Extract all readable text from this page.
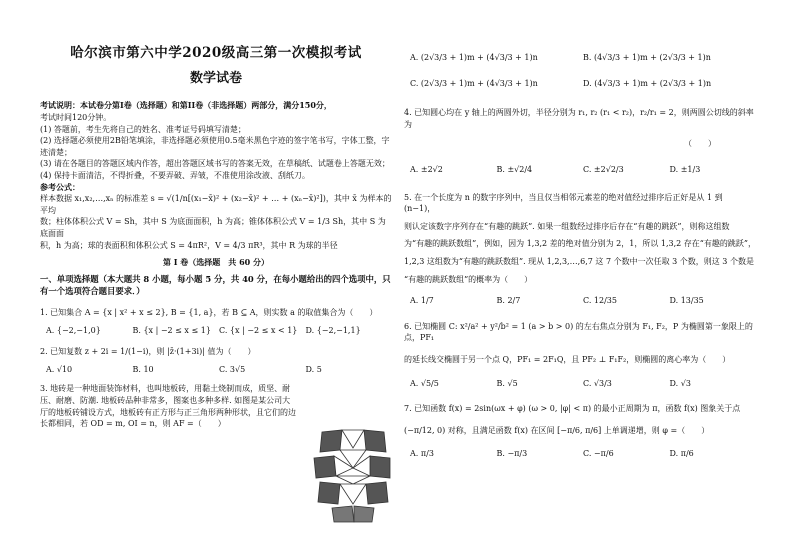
哈尔滨市第六中学2020级高三第一次模拟考试
数学试卷

考试说明：本试卷分第I卷（选择题）和第II卷（非选择题）两部分，满分150分，

考试时间120分钟。

(1) 答题前，考生先将自己的姓名、准考证号码填写清楚；

(2) 选择题必须使用2B铅笔填涂，非选择题必须使用0.5毫米黑色字迹的签字笔书写，字体工整，字迹清楚；

(3) 请在各题目的答题区域内作答，超出答题区域书写的答案无效，在草稿纸、试题卷上答题无效；

(4) 保持卡面清洁，不得折叠，不要弄破、弄皱，不准使用涂改液、刮纸刀。

参考公式：

样本数据 x₁,x₂,…,xₙ 的标准差 s = √(1/n[(x₁−x̄)² + (x₂−x̄)² + … + (xₙ−x̄)²])，其中 x̄ 为样本的平均

数；柱体体积公式 V = Sh，其中 S 为底面面积，h 为高；锥体体积公式 V = 1/3 Sh，其中 S 为底面面

积，h 为高；球的表面积和体积公式 S = 4πR²，V = 4/3 πR³，其中 R 为球的半径

第 I 卷（选择题　共 60 分）

一、单项选择题（本大题共 8 小题，每小题 5 分，共 40 分，在每小题给出的四个选项中，只有一个选项符合题目要求．）

1. 已知集合 A = {x | x² + x ≤ 2}, B = {1, a}，若 B ⊆ A，则实数 a 的取值集合为（　　）

A. {−2,−1,0}	B. {x | −2 ≤ x ≤ 1}	C. {x | −2 ≤ x < 1}	D. {−2,−1,1}

2. 已知复数 z + 2i = 1/(1−i)，则 |z̄·(1+3i)| 值为（　　）

A. √10	B. 10	C. 3√5	D. 5

3. 地砖是一种地面装饰材料，也叫地板砖，用黏土烧制而成，质坚、耐

压、耐磨、防潮. 地板砖品种非常多，图案也多种多样. 如图是某公司大

厅的地板砖铺设方式，地板砖有正方形与正三角形两种形状，且它们的边

长都相同，若 OD = m, OI = n，则 AF =（　　）

A. (2√3/3 + 1)m + (4√3/3 + 1)n	B. (4√3/3 + 1)m + (2√3/3 + 1)n
C. (2√3/3 + 1)m + (4√3/3 + 1)n	D. (4√3/3 + 1)m + (2√3/3 + 1)n

4. 已知圆心均在 y 轴上的两圆外切，半径分别为 r₁, r₂ (r₁ < r₂)，r₂/r₁ = 2，则两圆公切线的斜率为

（　　）

A. ±2√2	B. ±√2/4	C. ±2√2/3	D. ±1/3

5. 在一个长度为 n 的数字序列中，当且仅当相邻元素差的绝对值经过排序后正好是从 1 到 (n−1)，

则认定该数字序列存在“有趣的跳跃”. 如果一组数经过排序后存在“有趣的跳跃”，则称这组数

为“有趣的跳跃数组”，例如，因为 1,3,2 差的绝对值分别为 2，1，所以 1,3,2 存在“有趣的跳跃”，

1,2,3 这组数为“有趣的跳跃数组”. 现从 1,2,3,…,6,7 这 7 个数中一次任取 3 个数，则这 3 个数是

“有趣的跳跃数组”的概率为（　　）

A. 1/7	B. 2/7	C. 12/35	D. 13/35

6. 已知椭圆 C: x²/a² + y²/b² = 1 (a > b > 0) 的左右焦点分别为 F₁, F₂，P 为椭圆第一象限上的点，PF₁

的延长线交椭圆于另一个点 Q，PF₁ = 2F₁Q，且 PF₂ ⊥ F₁F₂，则椭圆的离心率为（　　）

A. √5/5	B. √5	C. √3/3	D. √3

7. 已知函数 f(x) = 2sin(ωx + φ) (ω > 0, |φ| < π) 的最小正周期为 π，函数 f(x) 图象关于点

(−π/12, 0) 对称，且满足函数 f(x) 在区间 [−π/6, π/6] 上单调递增，则 φ =（　　）

A. π/3	B. −π/3	C. −π/6	D. π/6
